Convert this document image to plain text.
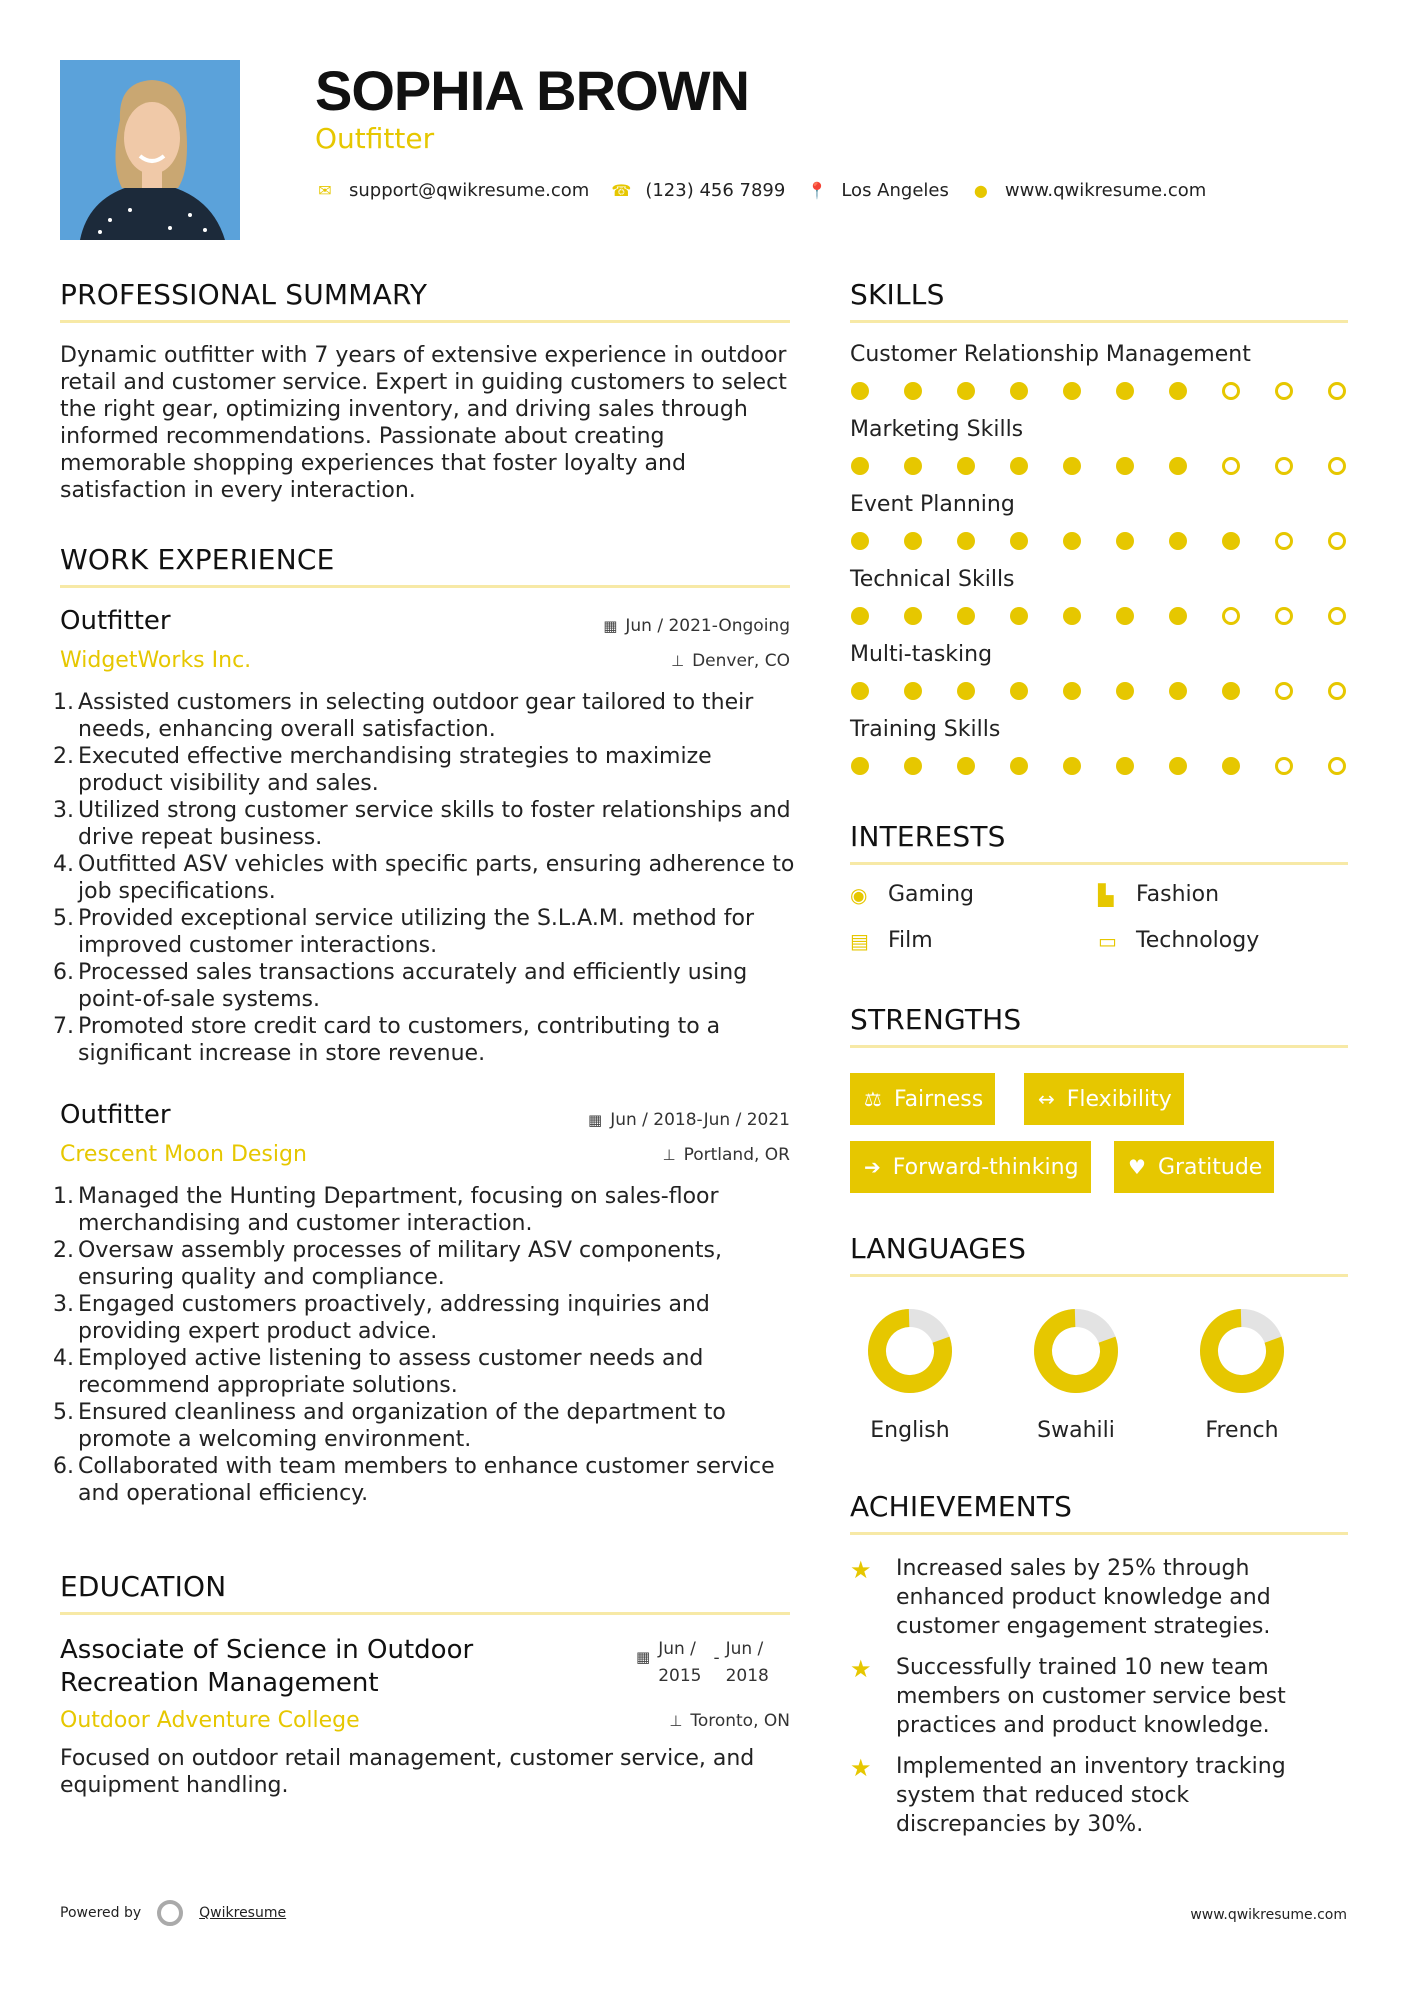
SOPHIA BROWN
Outfitter
✉ support@qwikresume.com ☎ (123) 456 7899 📍 Los Angeles ● www.qwikresume.com
PROFESSIONAL SUMMARY
Dynamic outfitter with 7 years of extensive experience in outdoor retail and customer service. Expert in guiding customers to select the right gear, optimizing inventory, and driving sales through informed recommendations. Passionate about creating memorable shopping experiences that foster loyalty and satisfaction in every interaction.
WORK EXPERIENCE
Outfitter	▦ Jun / 2021-Ongoing
WidgetWorks Inc.	⊥ Denver, CO
1. Assisted customers in selecting outdoor gear tailored to their needs, enhancing overall satisfaction.
2. Executed effective merchandising strategies to maximize product visibility and sales.
3. Utilized strong customer service skills to foster relationships and drive repeat business.
4. Outfitted ASV vehicles with specific parts, ensuring adherence to job specifications.
5. Provided exceptional service utilizing the S.L.A.M. method for improved customer interactions.
6. Processed sales transactions accurately and efficiently using point-of-sale systems.
7. Promoted store credit card to customers, contributing to a significant increase in store revenue.
Outfitter	▦ Jun / 2018-Jun / 2021
Crescent Moon Design	⊥ Portland, OR
1. Managed the Hunting Department, focusing on sales-floor merchandising and customer interaction.
2. Oversaw assembly processes of military ASV components, ensuring quality and compliance.
3. Engaged customers proactively, addressing inquiries and providing expert product advice.
4. Employed active listening to assess customer needs and recommend appropriate solutions.
5. Ensured cleanliness and organization of the department to promote a welcoming environment.
6. Collaborated with team members to enhance customer service and operational efficiency.
EDUCATION
Associate of Science in Outdoor
Recreation Management
▦ Jun /
2015
- Jun /
2018
Outdoor Adventure College	⊥ Toronto, ON
Focused on outdoor retail management, customer service, and equipment handling.
SKILLS
Customer Relationship Management
Marketing Skills
Event Planning
Technical Skills
Multi-tasking
Training Skills
INTERESTS
◉ Gaming	▙	Fashion
▤ Film	▭ Technology
STRENGTHS
⚖ Fairness	↔ Flexibility
➔ Forward-thinking ♥ Gratitude
LANGUAGES
English	Swahili	French
ACHIEVEMENTS
★ Increased sales by 25% through enhanced product knowledge and customer engagement strategies.
★ Successfully trained 10 new team members on customer service best practices and product knowledge.
★ Implemented an inventory tracking system that reduced stock discrepancies by 30%.
Powered by	Qwikresume	www.qwikresume.com
